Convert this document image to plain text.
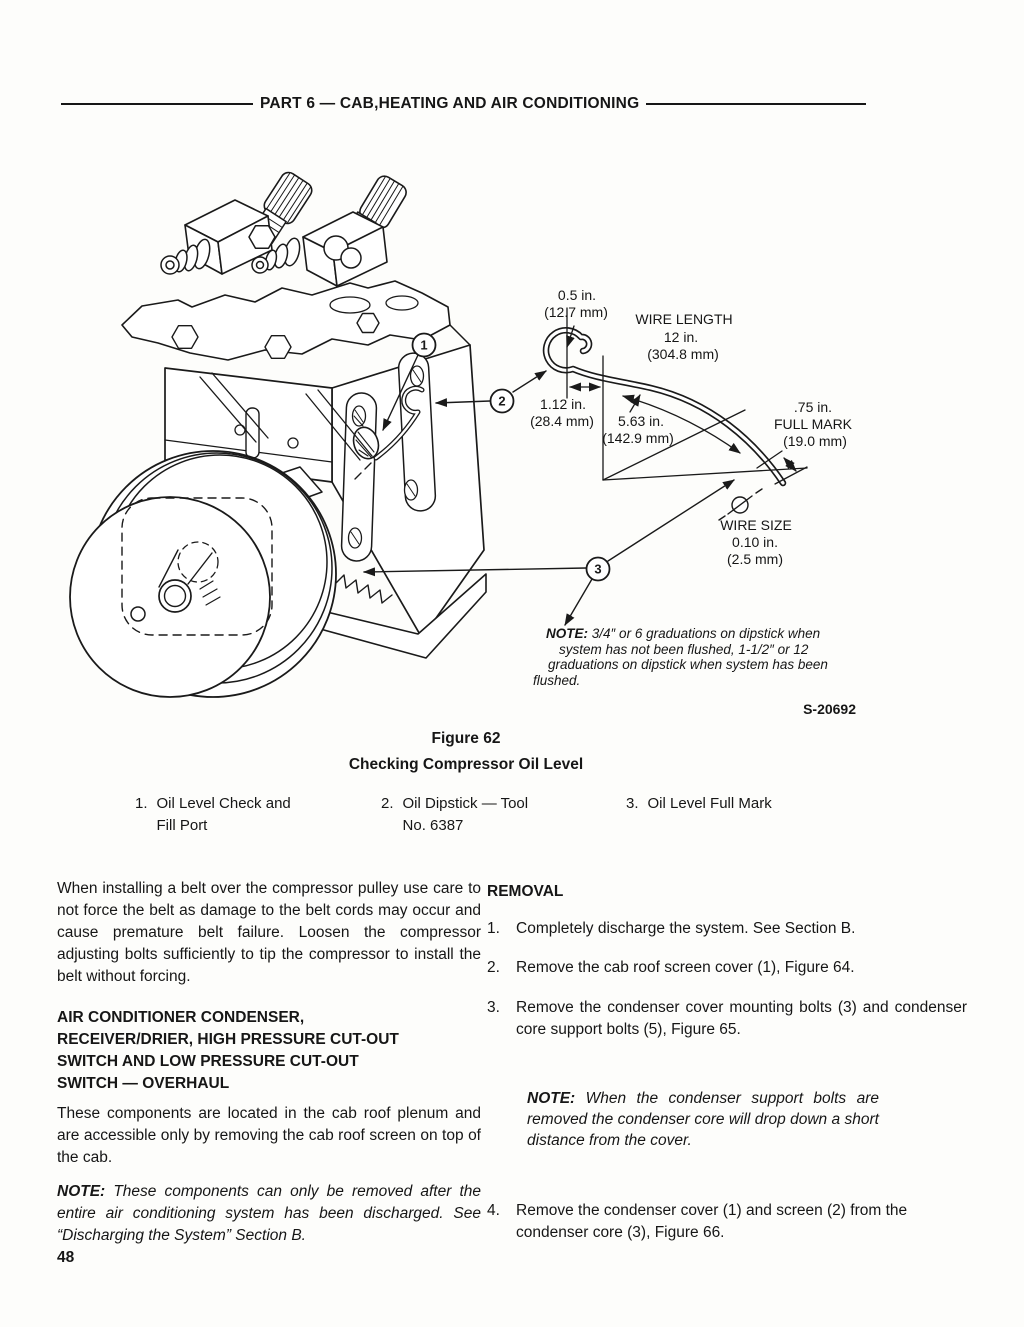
PART 6 — CAB,HEATING AND AIR CONDITIONING
1
2
3
0.5 in.
(12.7 mm) WIRE LENGTH
12 in.
(304.8 mm)
1.12 in.
(28.4 mm) 5.63 in.
(142.9 mm)
.75 in.
FULL MARK
(19.0 mm)
WIRE SIZE
0.10 in.
(2.5 mm)
NOTE: 3/4″ or 6 graduations on dipstick when
system has not been flushed, 1-1/2″ or 12
graduations on dipstick when system has been
flushed.
S-20692
Figure 62
Checking Compressor Oil Level
1. Oil Level Check and
Fill Port
2. Oil Dipstick — Tool
No. 6387
3. Oil Level Full Mark
When installing a belt over the compressor pulley use care to not force the belt as damage to the belt cords may occur and cause premature belt failure. Loosen the compressor adjusting bolts sufficiently to tip the compressor to install the belt without forcing.
AIR CONDITIONER CONDENSER,
RECEIVER/DRIER, HIGH PRESSURE CUT-OUT
SWITCH AND LOW PRESSURE CUT-OUT
SWITCH — OVERHAUL
These components are located in the cab roof plenum and are accessible only by removing the cab roof screen on top of the cab.
NOTE: These components can only be removed after the entire air conditioning system has been discharged. See “Discharging the System” Section B.
48
REMOVAL
1.	Completely discharge the system. See Section B.
2.	Remove the cab roof screen cover (1), Figure 64.
3.	Remove the condenser cover mounting bolts (3) and condenser core support bolts (5), Figure 65.
NOTE: When the condenser support bolts are removed the condenser core will drop down a short distance from the cover.
4.	Remove the condenser cover (1) and screen (2) from the condenser core (3), Figure 66.
